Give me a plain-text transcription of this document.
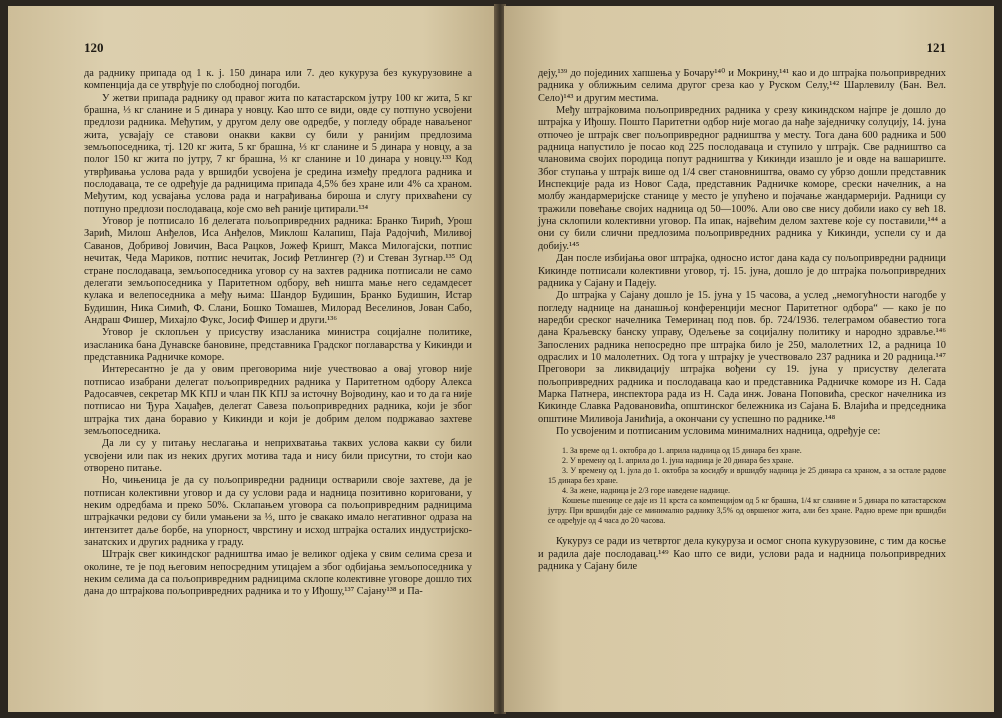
120

да раднику припада од 1 к. ј. 150 динара или 7. део кукуруза без кукурузовине а компенција да се утврђује по слободној погодби.

У жетви припада раднику од правог жита по катастарском јутру 100 кг жита, 5 кг брашна, ⅓ кг сланине и 5 динара у новцу. Као што се види, овде су потпуно усвојени предлози радника. Међутим, у другом делу ове одредбе, у погледу обраде наваљеног жита, усвајају се ставови онакви какви су били у ранијим предлозима земљопоседника, тј. 120 кг жита, 5 кг брашна, ⅓ кг сланине и 5 динара у новцу, а за полог 150 кг жита по јутру, 7 кг брашна, ⅓ кг сланине и 10 динара у новцу.¹³³ Код утврђивања услова рада у вршидби усвојена је средина између предлога радника и послодаваца, те се одређује да радницима припада 4,5% без хране или 4% са храном. Међутим, код усвајања услова рада и награђивања бироша и слугу прихваћени су потпуно предлози послодаваца, које смо већ раније цитирали.¹³⁴

Уговор је потписало 16 делегата пољопривредних радника: Бранко Ћирић, Урош Зарић, Милош Анђелов, Иса Анђелов, Миклош Калапиш, Паја Радојчић, Миливој Саванов, Добривој Јовичин, Васа Рацков, Јожеф Кришт, Макса Милогајски, потпис нечитак, Чеда Мариков, потпис нечитак, Јосиф Ретлингер (?) и Стеван Зугнар.¹³⁵ Од стране послодаваца, земљопоседника уговор су на захтев радника потписали не само делегати земљопоседника у Паритетном одбору, већ ништа мање него седамдесет кулака и велепоседника а међу њима: Шандор Будишин, Бранко Будишин, Истар Будишин, Ника Симић, Ф. Слани, Бошко Томашев, Милорад Веселинов, Јован Сабо, Андраш Фишер, Михајло Фукс, Јосиф Фишер и други.¹³⁶

Уговор је склопљен у присуству изасланика министра социјалне политике, изасланика бана Дунавске бановине, представника Градског поглаварства у Кикинди и представника Радничке коморе.

Интересантно је да у овим преговорима није учествовао а овај уговор није потписао изабрани делегат пољопривредних радника у Паритетном одбору Алекса Радосавчев, секретар МК КПЈ и члан ПК КПЈ за источну Војводину, као и то да га није потписао ни Ђура Хаџађев, делегат Савеза пољопривредних радника, који је због штрајка тих дана боравио у Кикинди и који је добрим делом подржавао захтеве земљопоседника.

Да ли су у питању неслагања и неприхватања таквих услова какви су били усвојени или пак из неких других мотива тада и нису били присутни, то стоји као отворено питање.

Но, чињеница је да су пољопривредни радници остварили своје захтеве, да је потписан колективни уговор и да су услови рада и надница позитивно кориговани, у неким одредбама и преко 50%. Склапањем уговора са пољопривредним радницима штрајкачки редови су били умањени за ⅓, што је свакако имало негативног одраза на интензитет даље борбе, на упорност, чврстину и исход штрајка осталих индустријско-занатских и других радника у граду.

Штрајк свег кикиндског радништва имао је великог одјека у свим селима среза и околине, те је под његовим непосредним утицајем а због одбијања земљопоседника у неким селима да са пољопривредним радницима склопе колективне уговоре дошло тих дана до штрајкова пољопривредних радника и то у Иђошу,¹³⁷ Сајану¹³⁸ и Па-

121

деју,¹³⁹ до појединих хапшења у Бочару¹⁴⁰ и Мокрину,¹⁴¹ као и до штрајка пољопривредних радника у оближњим селима другог среза као у Руском Селу,¹⁴² Шарлевилу (Бан. Вел. Село)¹⁴³ и другим местима.

Међу штрајковима пољопривредних радника у срезу кикиндском најпре је дошло до штрајка у Иђошу. Пошто Паритетни одбор није могао да нађе заједничку солуцију, 14. јуна отпочео је штрајк свег пољопривредног радништва у месту. Тога дана 600 радника и 500 радница напустило је посао код 225 послодаваца и ступило у штрајк. Све радништво са члановима својих породица попут радништва у Кикинди изашло је и овде на вашариште. Због ступања у штрајк више од 1/4 свег становништва, овамо су убрзо дошли представник Инспекције рада из Новог Сада, представник Радничке коморе, срески начелник, а на молбу жандармеријске станице у место је упућено и појачање жандармерији. Радници су тражили повећање својих надница од 50—100%. Али ово све нису добили иако су већ 18. јуна склопили колективни уговор. Па ипак, највећим делом захтеве које су поставили,¹⁴⁴ а они су били слични предлозима пољопривредних радника у Кикинди, успели су и да добију.¹⁴⁵

Дан после избијања овог штрајка, односно истог дана када су пољопривредни радници Кикинде потписали колективни уговор, тј. 15. јуна, дошло је до штрајка пољопривредних радника у Сајану и Падеју.

До штрајка у Сајану дошло је 15. јуна у 15 часова, а услед „немогућности нагодбе у погледу наднице на данашњој конференцији месног Паритетног одбора“ — како је по нaредби среског начелника Темеринац под пов. бр. 724/1936. телеграмом обавестио тога дана Краљевску банску управу, Одељење за социјалну политику и народно здравље.¹⁴⁶ Запослених радника непосредно пре штрајка било је 250, малолетних 12, а радница 10 одраслих и 10 малолетних. Од тога у штрајку је учествовало 237 радника и 20 радница.¹⁴⁷ Преговори за ликвидацију штрајка вођени су 19. јуна у присуству делегата пољопривредних радника и послодаваца као и представника Радничке коморе из Н. Сада Марка Патнера, инспектора рада из Н. Сада инж. Јована Поповића, среског начелника из Кикинде Славка Радовановића, општинског бележника из Сајана Б. Влајића и председника општине Миливоја Јанићија, а окончани су успешно по раднике.¹⁴⁸

По усвојеним и потписаним условима минималних надница, одређује се:

1. За време од 1. октобра до 1. априла надница од 15 динара без хране.

2. У времену од 1. априла до 1. јуна надница је 20 динара без хране.

3. У времену од 1. јула до 1. октобра за косидбу и вршидбу надница је 25 динара са храном, а за остале радове 15 динара без хране.

4. За жене, надница је 2/3 горе наведене наднице.

Кошење пшенице се даје из 11 крста са компенцијом од 5 кг брашна, 1/4 кг сланине и 5 динара по катастарском јутру. При вршидби даје се минимално раднику 3,5% од овршеног жита, али без хране. Радно време при вршидби се одређује од 4 часа до 20 часова.

Кукуруз се ради из четвртог дела кукуруза и осмог снопа кукурузовине, с тим да косње и радила даје послодавац.¹⁴⁹ Као што се види, услови рада и надница пољопривредних радника у Сајану биле
